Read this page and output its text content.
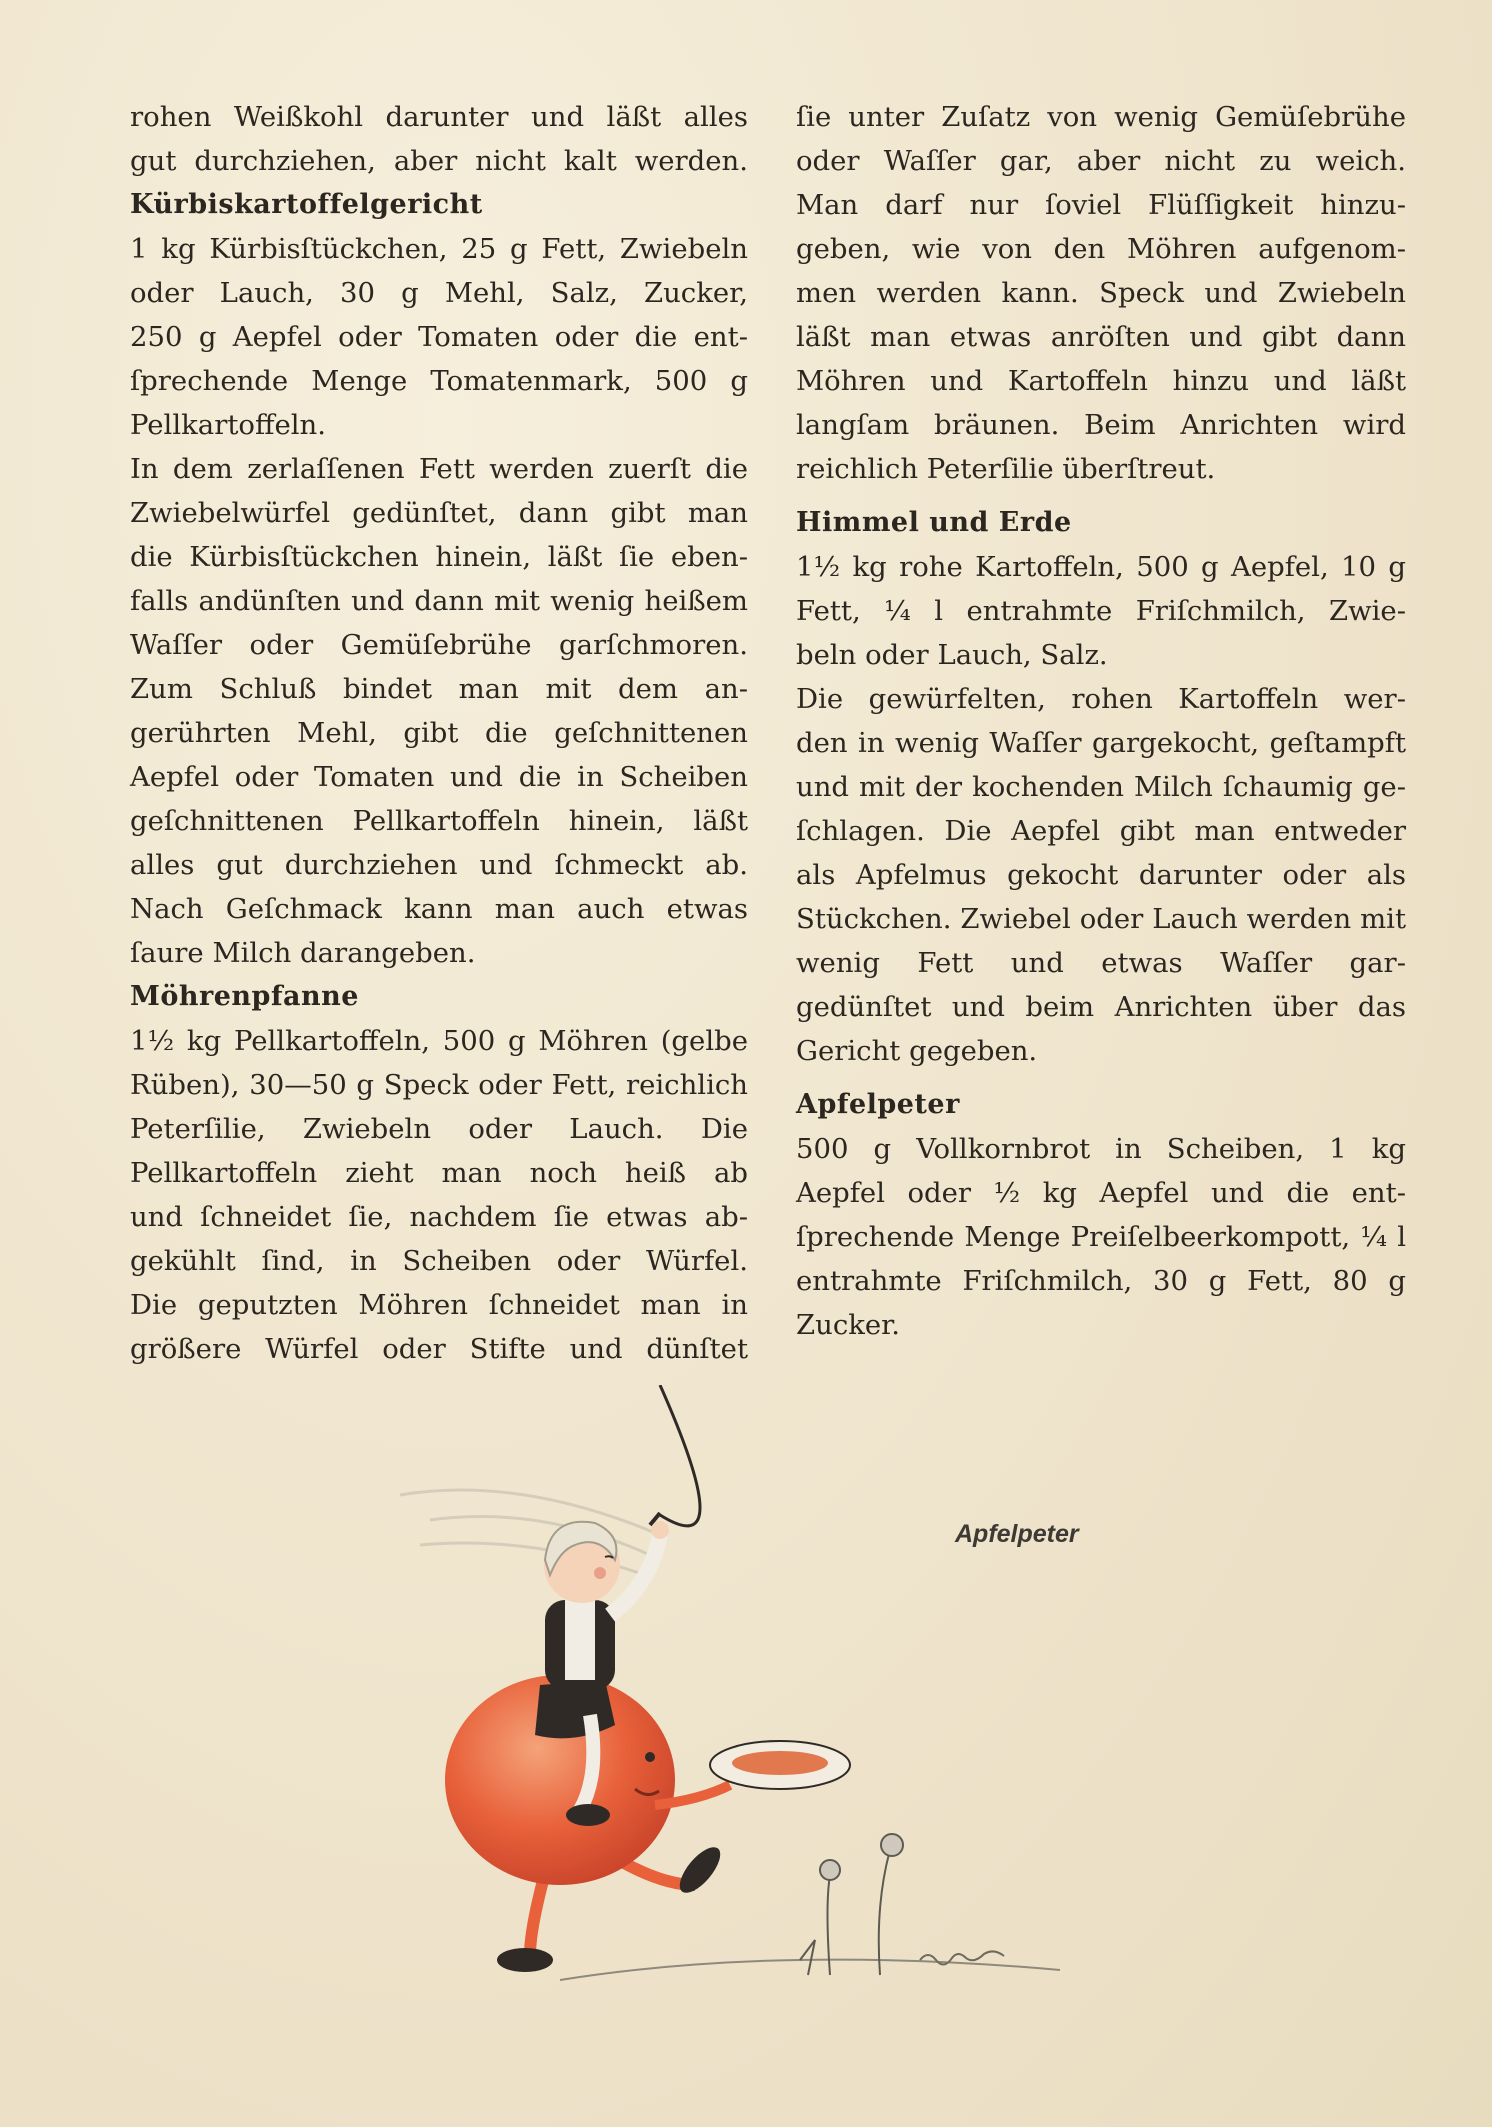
rohen Weißkohl darunter und läßt alles

gut durchziehen, aber nicht kalt werden.

Kürbiskartoffelgericht

1 kg Kürbisſtückchen, 25 g Fett, Zwiebeln

oder Lauch, 30 g Mehl, Salz, Zucker,

250 g Aepfel oder Tomaten oder die ent-

ſprechende Menge Tomatenmark, 500 g

Pellkartoffeln.

In dem zerlaſſenen Fett werden zuerſt die

Zwiebelwürfel gedünſtet, dann gibt man

die Kürbisſtückchen hinein, läßt ſie eben-

falls andünſten und dann mit wenig heißem

Waſſer oder Gemüſebrühe garſchmoren.

Zum Schluß bindet man mit dem an-

gerührten Mehl, gibt die geſchnittenen

Aepfel oder Tomaten und die in Scheiben

geſchnittenen Pellkartoffeln hinein, läßt

alles gut durchziehen und ſchmeckt ab.

Nach Geſchmack kann man auch etwas

ſaure Milch darangeben.

Möhrenpfanne

1½ kg Pellkartoffeln, 500 g Möhren (gelbe

Rüben), 30—50 g Speck oder Fett, reichlich

Peterſilie, Zwiebeln oder Lauch. Die

Pellkartoffeln zieht man noch heiß ab

und ſchneidet ſie, nachdem ſie etwas ab-

gekühlt ſind, in Scheiben oder Würfel.

Die geputzten Möhren ſchneidet man in

größere Würfel oder Stifte und dünſtet

ſie unter Zuſatz von wenig Gemüſebrühe

oder Waſſer gar, aber nicht zu weich.

Man darf nur ſoviel Flüſſigkeit hinzu-

geben, wie von den Möhren aufgenom-

men werden kann. Speck und Zwiebeln

läßt man etwas anröſten und gibt dann

Möhren und Kartoffeln hinzu und läßt

langſam bräunen. Beim Anrichten wird

reichlich Peterſilie überſtreut.

Himmel und Erde

1½ kg rohe Kartoffeln, 500 g Aepfel, 10 g

Fett, ¼ l entrahmte Friſchmilch, Zwie-

beln oder Lauch, Salz.

Die gewürfelten, rohen Kartoffeln wer-

den in wenig Waſſer gargekocht, geſtampft

und mit der kochenden Milch ſchaumig ge-

ſchlagen. Die Aepfel gibt man entweder

als Apfelmus gekocht darunter oder als

Stückchen. Zwiebel oder Lauch werden mit

wenig Fett und etwas Waſſer gar-

gedünſtet und beim Anrichten über das

Gericht gegeben.

Apfelpeter

500 g Vollkornbrot in Scheiben, 1 kg

Aepfel oder ½ kg Aepfel und die ent-

ſprechende Menge Preiſelbeerkompott, ¼ l

entrahmte Friſchmilch, 30 g Fett, 80 g

Zucker.

Apfelpeter
